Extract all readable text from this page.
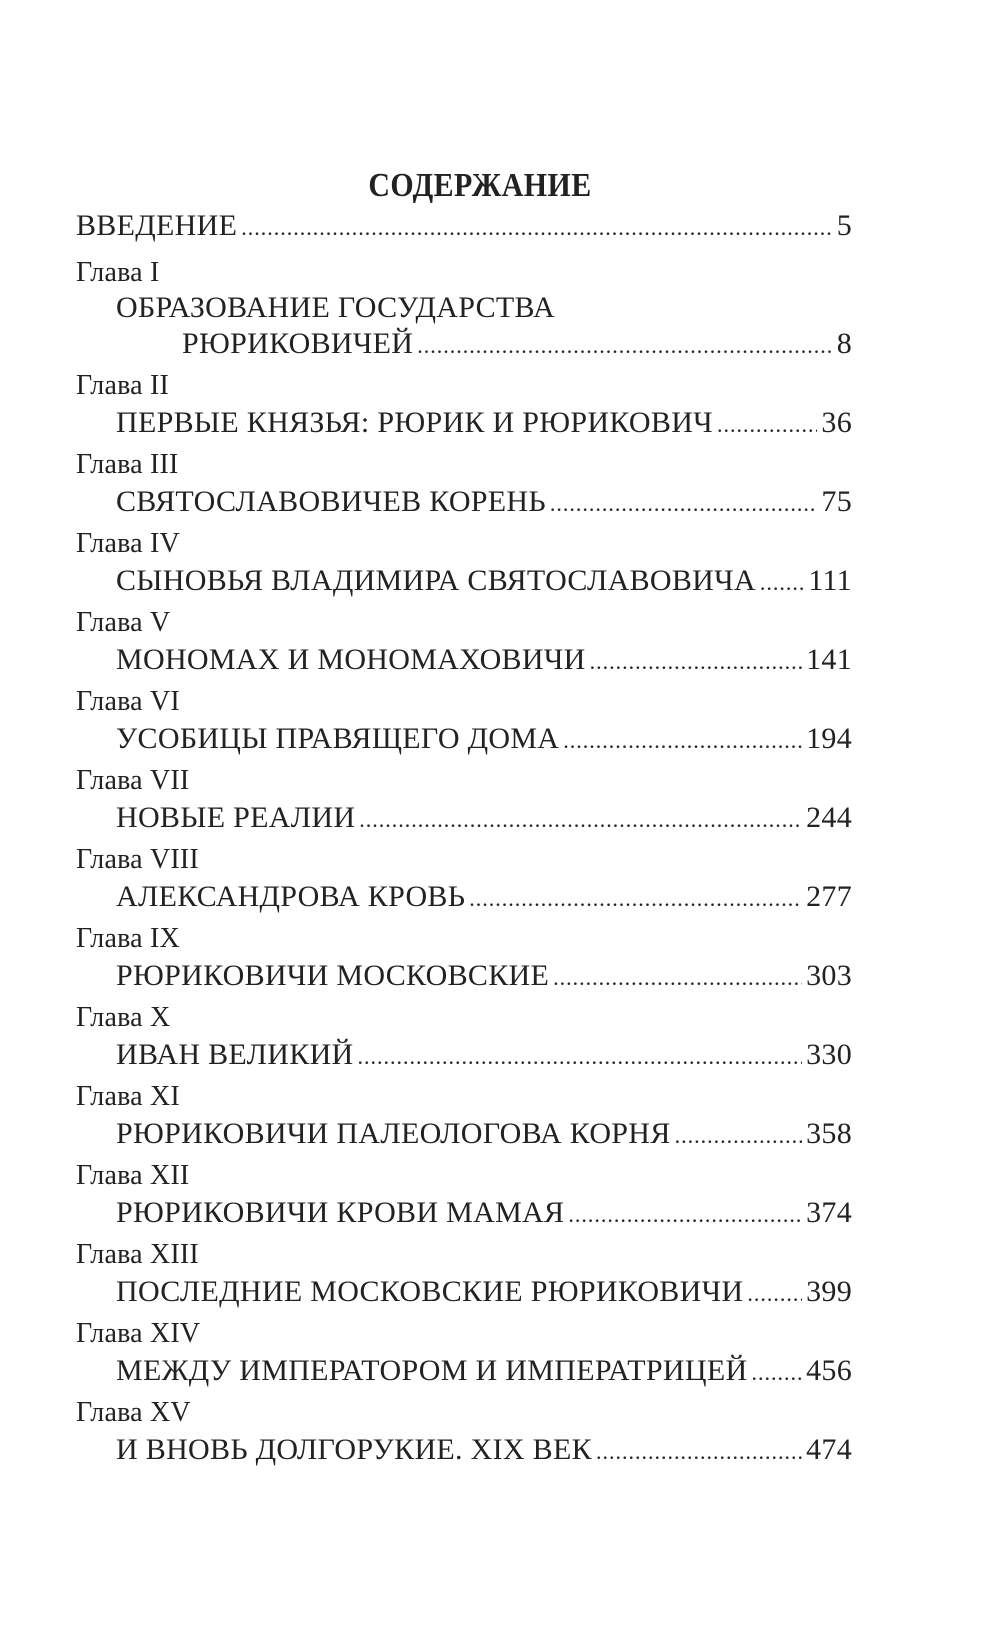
СОДЕРЖАНИЕ
ВВЕДЕНИЕ .....	5
Глава I
ОБРАЗОВАНИЕ ГОСУДАРСТВА
РЮРИКОВИЧЕЙ .....	8
Глава II
ПЕРВЫЕ КНЯЗЬЯ: РЮРИК И РЮРИКОВИЧ .....	36
Глава III
СВЯТОСЛАВОВИЧЕВ КОРЕНЬ .....	75
Глава IV
СЫНОВЬЯ ВЛАДИМИРА СВЯТОСЛАВОВИЧА ..... 111
Глава V
МОНОМАХ И МОНОМАХОВИЧИ .....	141
Глава VI
УСОБИЦЫ ПРАВЯЩЕГО ДОМА .....	194
Глава VII
НОВЫЕ РЕАЛИИ .....	244
Глава VIII
АЛЕКСАНДРОВА КРОВЬ .....	277
Глава IX
РЮРИКОВИЧИ МОСКОВСКИЕ .....	303
Глава X
ИВАН ВЕЛИКИЙ .....	330
Глава XI
РЮРИКОВИЧИ ПАЛЕОЛОГОВА КОРНЯ .....	358
Глава XII
РЮРИКОВИЧИ КРОВИ МАМАЯ .....	374
Глава XIII
ПОСЛЕДНИЕ МОСКОВСКИЕ РЮРИКОВИЧИ ..... 399
Глава XIV
МЕЖДУ ИМПЕРАТОРОМ И ИМПЕРАТРИЦЕЙ ..... 456
Глава XV
И ВНОВЬ ДОЛГОРУКИЕ. XIX ВЕК .....	474
